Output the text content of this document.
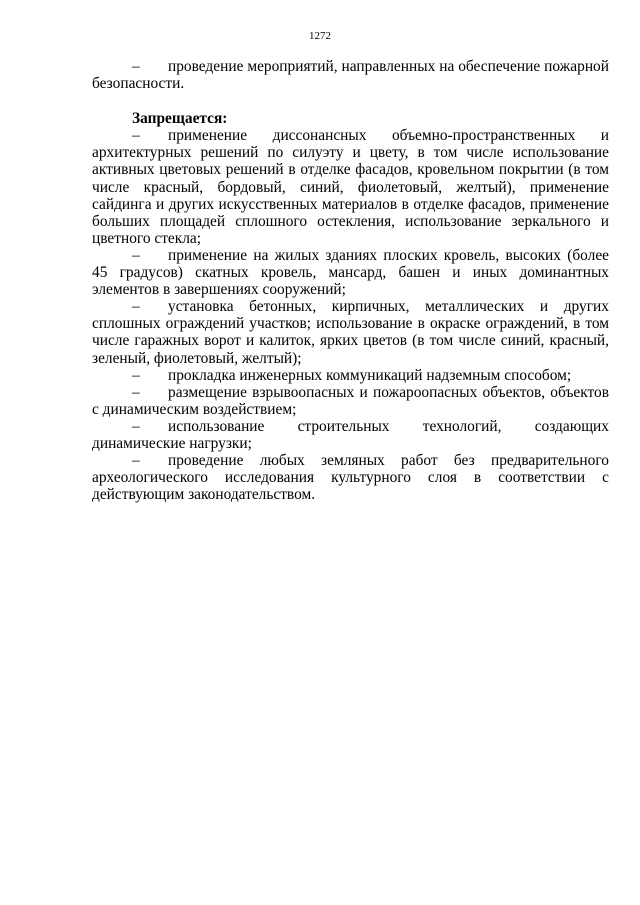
1272

– проведение мероприятий, направленных на обеспечение пожарной безопасности.

Запрещается:

– применение диссонансных объемно-пространственных и архитектурных решений по силуэту и цвету, в том числе использование активных цветовых решений в отделке фасадов, кровельном покрытии (в том числе красный, бордовый, синий, фиолетовый, желтый), применение сайдинга и других искусственных материалов в отделке фасадов, применение больших площадей сплошного остекления, использование зеркального и цветного стекла;

– применение на жилых зданиях плоских кровель, высоких (более 45 градусов) скатных кровель, мансард, башен и иных доминантных элементов в завершениях сооружений;

– установка бетонных, кирпичных, металлических и других сплошных ограждений участков; использование в окраске ограждений, в том числе гаражных ворот и калиток, ярких цветов (в том числе синий, красный, зеленый, фиолетовый, желтый);

– прокладка инженерных коммуникаций надземным способом;

– размещение взрывоопасных и пожароопасных объектов, объектов с динамическим воздействием;

– использование строительных технологий, создающих динамические нагрузки;

– проведение любых земляных работ без предварительного археологического исследования культурного слоя в соответствии с действующим законодательством.
